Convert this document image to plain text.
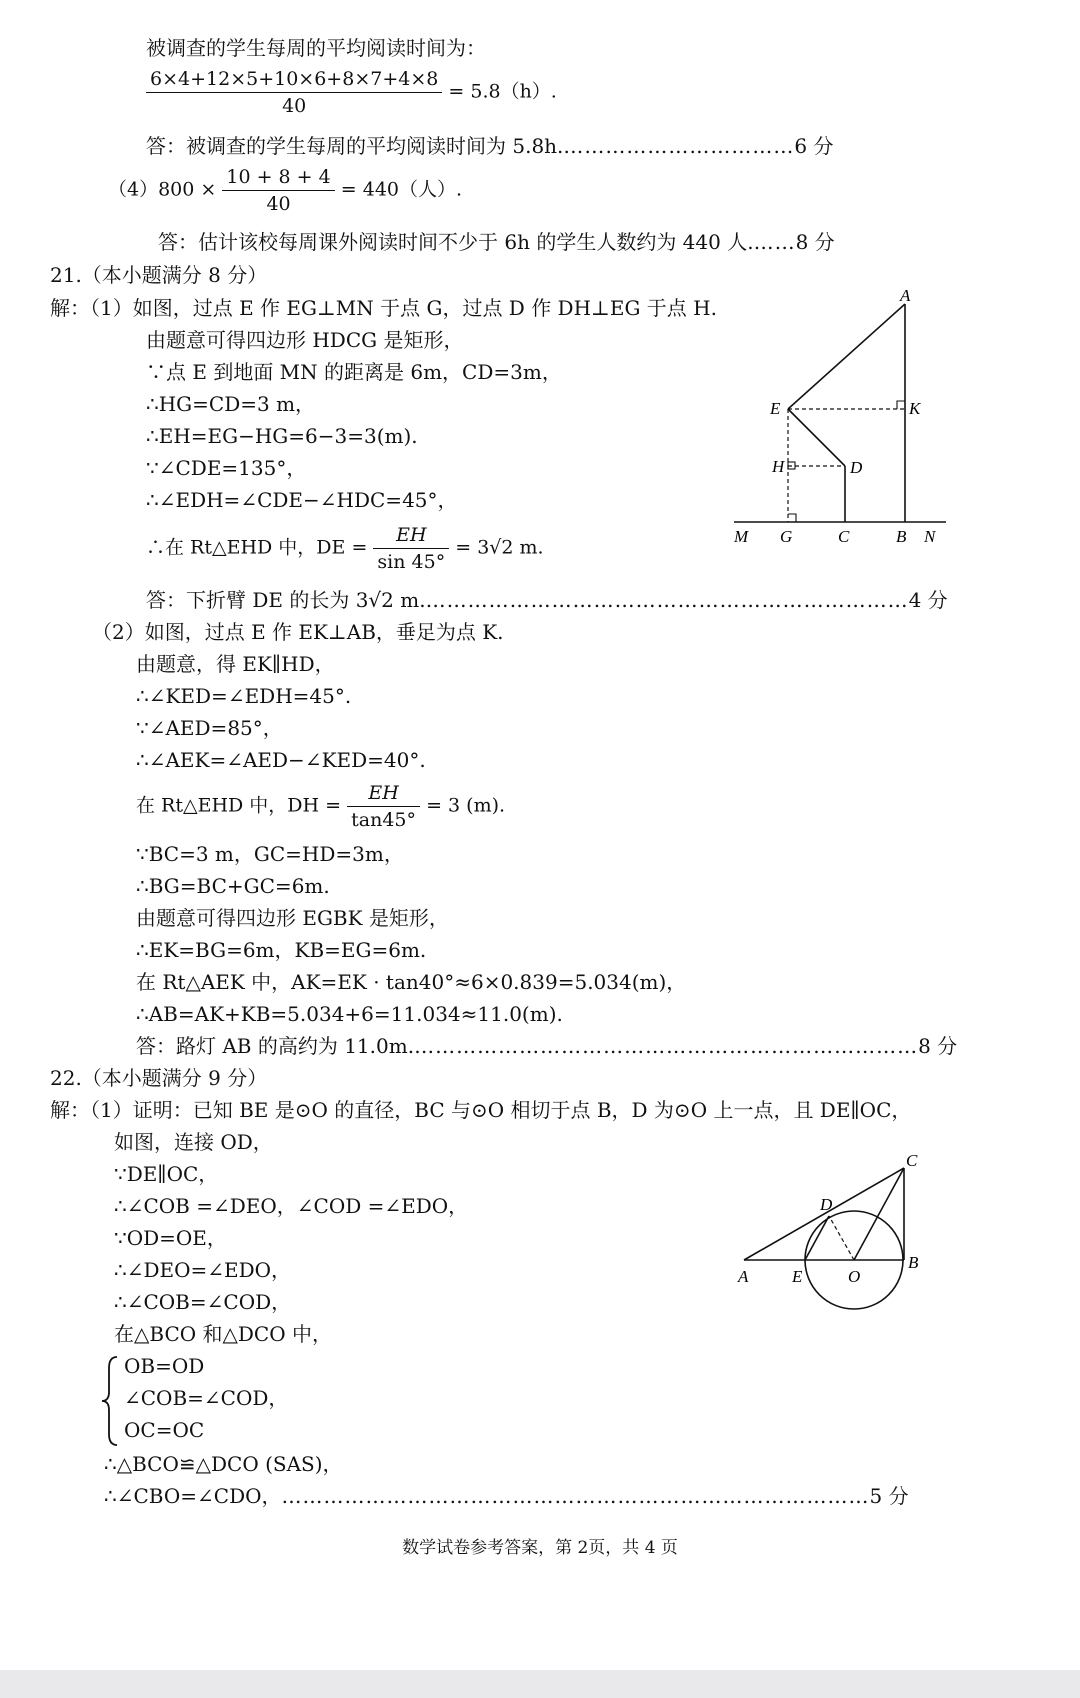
被调查的学生每周的平均阅读时间为：
$\frac{6\times 4+12\times 5+10\times 6+8\times 7+4\times 8}{40} = 5.8(h)$.
答：被调查的学生每周的平均阅读时间为 5.8h.……………………………6 分
$(4)800 \times \frac{10 + 8 + 4}{40} = 440$（人）.
答：估计该校每周课外阅读时间不少于 6h 的学生人数约为 440 人.……8 分
21.（本小题满分 8 分）
解：（1）如图，过点 E 作 EG⊥MN 于点 G，过点 D 作 DH⊥EG 于点 H.
由题意可得四边形 HDCG 是矩形，
∵点 E 到地面 MN 的距离是 6m，CD=3m，
∴HG=CD=3 m，
∴EH=EG−HG=6−3=3(m).
∵∠CDE=135°，
∴∠EDH=∠CDE−∠HDC=45°，
∴在 Rt△EHD 中，DE = $\frac{EH}{\sin 45^\circ} = 3√2$ m.
答：下折臂 DE 的长为 3√2 m.……………………………………………………………4 分
（2）如图，过点 E 作 EK⊥AB，垂足为点 K.
由题意，得 EK∥HD，
∴∠KED=∠EDH=45°.
∵∠AED=85°，
∴∠AEK=∠AED−∠KED=40°.
在 Rt△EHD 中，DH = $\frac{EH}{\tan 45^\circ} = 3$ (m).
∵BC=3 m，GC=HD=3m，
∴BG=BC+GC=6m.
由题意可得四边形 EGBK 是矩形，
∴EK=BG=6m，KB=EG=6m.
在 Rt△AEK 中，AK=EK · tan40°≈6×0.839=5.034(m)，
∴AB=AK+KB=5.034+6=11.034≈11.0(m).
答：路灯 AB 的高约为 11.0m.………………………………………………………………8 分
A
E	K
H	D
M G	C	B N
22.（本小题满分 9 分）
解：（1）证明：已知 BE 是⊙O 的直径，BC 与⊙O 相切于点 B，D 为⊙O 上一点，且 DE∥OC，
如图，连接 OD，
∵DE∥OC，
∴∠COB =∠DEO，∠COD =∠EDO，
∵OD=OE，
∴∠DEO=∠EDO，
∴∠COB=∠COD，
在△BCO 和△DCO 中，
OB=OD
∠COB=∠COD，
OC=OC
∴△BCO≌△DCO (SAS)，
∴∠CBO=∠CDO，…………………………………………………………………………5 分
C
D
A	E	O
B
数学试卷参考答案，第 2页，共 4 页
